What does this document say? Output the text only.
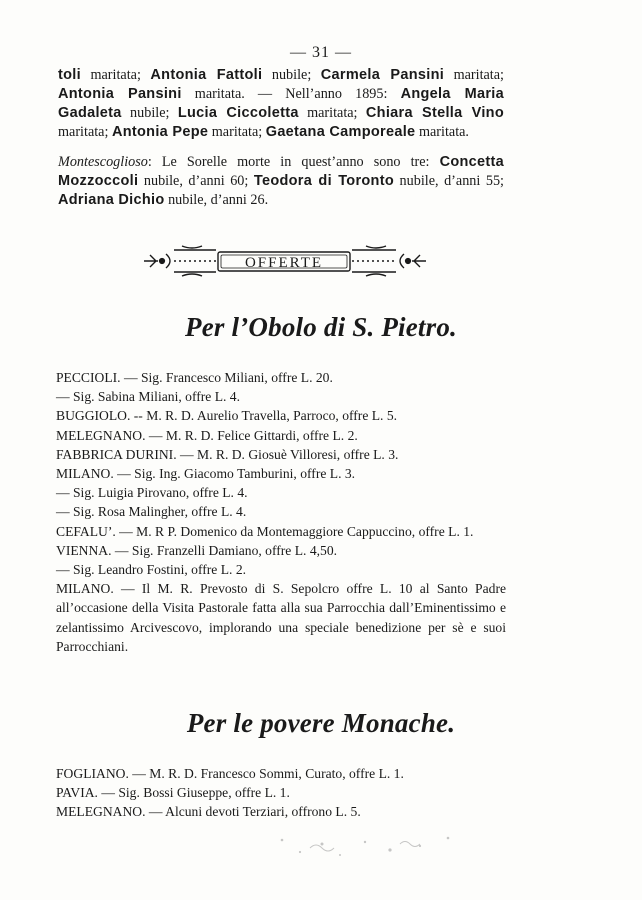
— 31 —
toli maritata; Antonia Fattoli nubile; Carmela Pansini maritata; Antonia Pansini maritata. — Nell’anno 1895: Angela Maria Gadaleta nubile; Lucia Ciccoletta maritata; Chiara Stella Vino maritata; Antonia Pepe maritata; Gaetana Camporeale maritata.
Montescoglioso: Le Sorelle morte in quest’anno sono tre: Concetta Mozzoccoli nubile, d’anni 60; Teodora di Toronto nubile, d’anni 55; Adriana Dichio nubile, d’anni 26.
OFFERTE
Per l’Obolo di S. Pietro.

PECCIOLI. — Sig. Francesco Miliani, offre L. 20.

— Sig. Sabina Miliani, offre L. 4.

BUGGIOLO. -- M. R. D. Aurelio Travella, Parroco, offre L. 5.

MELEGNANO. — M. R. D. Felice Gittardi, offre L. 2.

FABBRICA DURINI. — M. R. D. Giosuè Villoresi, offre L. 3.

MILANO. — Sig. Ing. Giacomo Tamburini, offre L. 3.

— Sig. Luigia Pirovano, offre L. 4.

— Sig. Rosa Malingher, offre L. 4.

CEFALU’. — M. R P. Domenico da Montemaggiore Cappuccino, offre L. 1.

VIENNA. — Sig. Franzelli Damiano, offre L. 4,50.

— Sig. Leandro Fostini, offre L. 2.

MILANO. — Il M. R. Prevosto di S. Sepolcro offre L. 10 al Santo Padre all’occasione della Visita Pastorale fatta alla sua Parrocchia dall’Eminentissimo e zelantissimo Arcivescovo, implorando una speciale benedizione per sè e suoi Parrocchiani.

Per le povere Monache.

FOGLIANO. — M. R. D. Francesco Sommi, Curato, offre L. 1.

PAVIA. — Sig. Bossi Giuseppe, offre L. 1.

MELEGNANO. — Alcuni devoti Terziari, offrono L. 5.
